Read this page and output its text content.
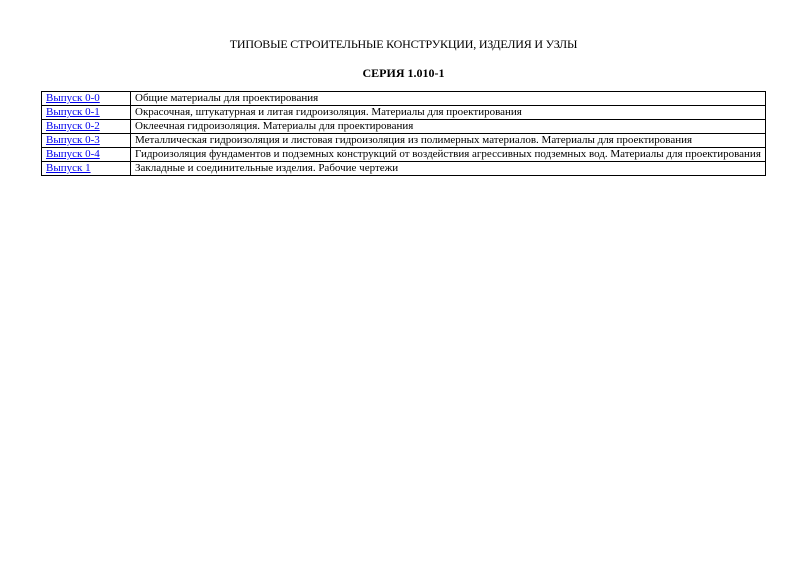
ТИПОВЫЕ СТРОИТЕЛЬНЫЕ КОНСТРУКЦИИ, ИЗДЕЛИЯ И УЗЛЫ
СЕРИЯ 1.010-1
Выпуск 0-0	Общие материалы для проектирования
Выпуск 0-1	Окрасочная, штукатурная и литая гидроизоляция. Материалы для проектирования
Выпуск 0-2	Оклеечная гидроизоляция. Материалы для проектирования
Выпуск 0-3	Металлическая гидроизоляция и листовая гидроизоляция из полимерных материалов. Материалы для проектирования
Выпуск 0-4	Гидроизоляция фундаментов и подземных конструкций от воздействия агрессивных подземных вод. Материалы для проектирования
Выпуск 1	Закладные и соединительные изделия. Рабочие чертежи
